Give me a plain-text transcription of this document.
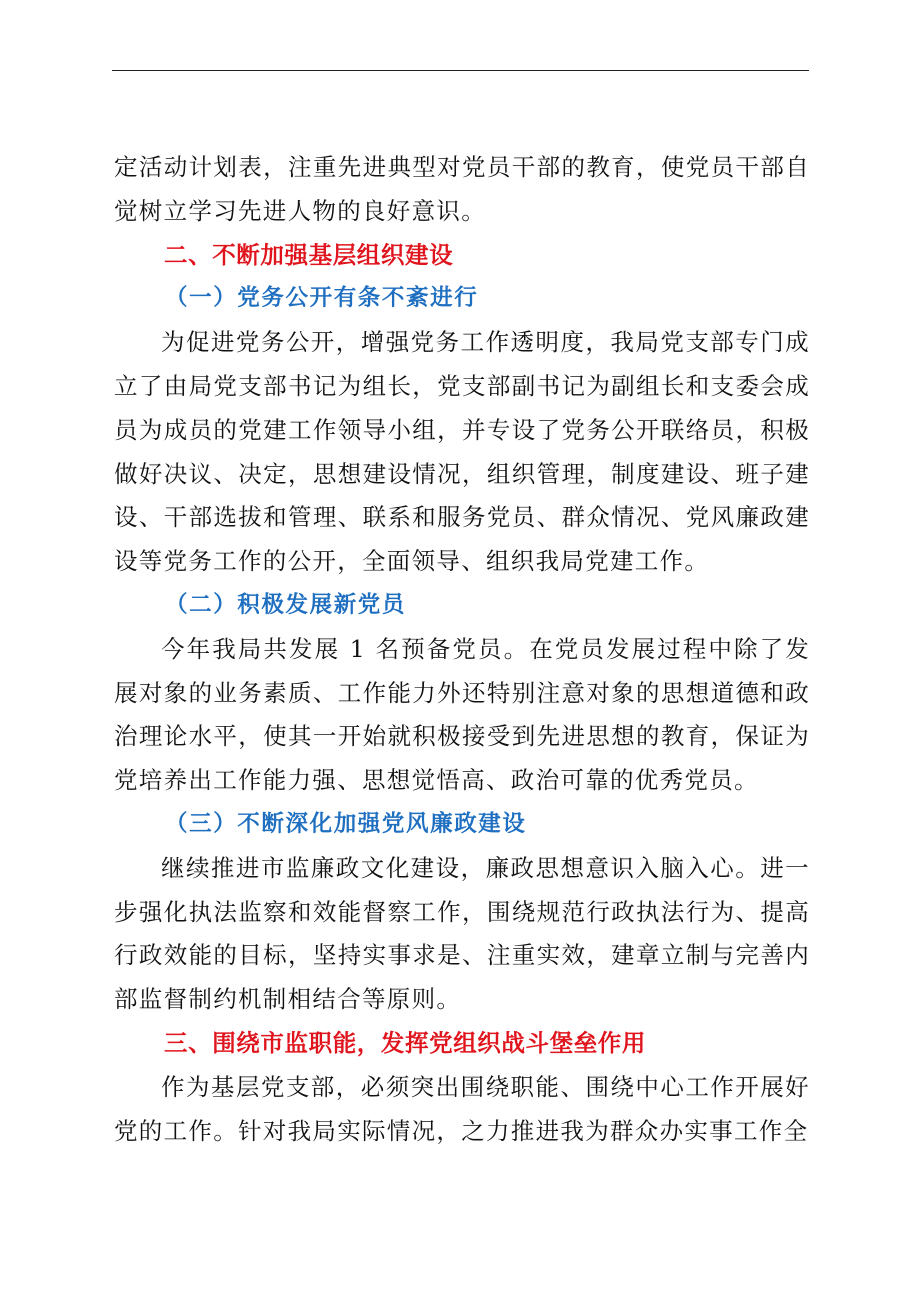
定活动计划表，注重先进典型对党员干部的教育，使党员干部自觉树立学习先进人物的良好意识。

二、不断加强基层组织建设
（一）党务公开有条不紊进行

为促进党务公开，增强党务工作透明度，我局党支部专门成立了由局党支部书记为组长，党支部副书记为副组长和支委会成员为成员的党建工作领导小组，并专设了党务公开联络员，积极做好决议、决定，思想建设情况，组织管理，制度建设、班子建设、干部选拔和管理、联系和服务党员、群众情况、党风廉政建设等党务工作的公开，全面领导、组织我局党建工作。

（二）积极发展新党员

今年我局共发展 1 名预备党员。在党员发展过程中除了发展对象的业务素质、工作能力外还特别注意对象的思想道德和政治理论水平，使其一开始就积极接受到先进思想的教育，保证为党培养出工作能力强、思想觉悟高、政治可靠的优秀党员。

（三）不断深化加强党风廉政建设

继续推进市监廉政文化建设，廉政思想意识入脑入心。进一步强化执法监察和效能督察工作，围绕规范行政执法行为、提高行政效能的目标，坚持实事求是、注重实效，建章立制与完善内部监督制约机制相结合等原则。

三、围绕市监职能，发挥党组织战斗堡垒作用

作为基层党支部，必须突出围绕职能、围绕中心工作开展好党的工作。针对我局实际情况，之力推进我为群众办实事工作全
